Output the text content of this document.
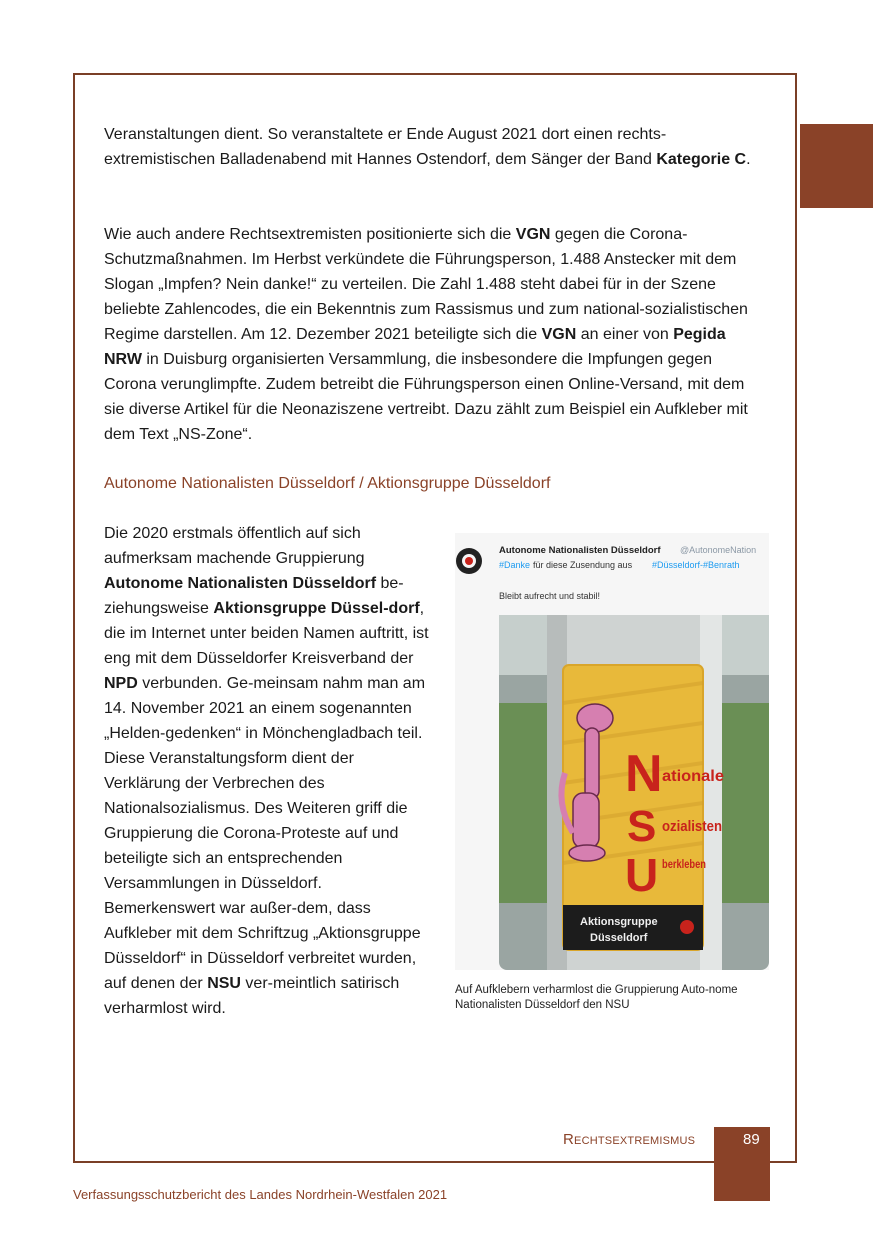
Veranstaltungen dient. So veranstaltete er Ende August 2021 dort einen rechts-extremistischen Balladenabend mit Hannes Ostendorf, dem Sänger der Band Kategorie C.

Wie auch andere Rechtsextremisten positionierte sich die VGN gegen die Corona-Schutzmaßnahmen. Im Herbst verkündete die Führungsperson, 1.488 Anstecker mit dem Slogan „Impfen? Nein danke!“ zu verteilen. Die Zahl 1.488 steht dabei für in der Szene beliebte Zahlencodes, die ein Bekenntnis zum Rassismus und zum national-sozialistischen Regime darstellen. Am 12. Dezember 2021 beteiligte sich die VGN an einer von Pegida NRW in Duisburg organisierten Versammlung, die insbesondere die Impfungen gegen Corona verunglimpfte. Zudem betreibt die Führungsperson einen Online-Versand, mit dem sie diverse Artikel für die Neonaziszene vertreibt. Dazu zählt zum Beispiel ein Aufkleber mit dem Text „NS-Zone“.

Autonome Nationalisten Düsseldorf / Aktionsgruppe Düsseldorf

Die 2020 erstmals öffentlich auf sich aufmerksam machende Gruppierung Autonome Nationalisten Düsseldorf be-ziehungsweise Aktionsgruppe Düssel-dorf, die im Internet unter beiden Namen auftritt, ist eng mit dem Düsseldorfer Kreisverband der NPD verbunden. Ge-meinsam nahm man am 14. November 2021 an einem sogenannten „Helden-gedenken“ in Mönchengladbach teil. Diese Veranstaltungsform dient der Verklärung der Verbrechen des Nationalsozialismus. Des Weiteren griff die Gruppierung die Corona-Proteste auf und beteiligte sich an entsprechenden Versammlungen in Düsseldorf. Bemerkenswert war außer-dem, dass Aufkleber mit dem Schriftzug „Aktionsgruppe Düsseldorf“ in Düsseldorf verbreitet wurden, auf denen der NSU ver-meintlich satirisch verharmlost wird.

Autonome Nationalisten Düsseldorf @AutonomeNation
#Danke für diese Zusendung aus #Düsseldorf-#Benrath
Bleibt aufrecht und stabil!
N
S
U
ationale
ozialisten
berkleben
Aktionsgruppe
Düsseldorf
Auf Aufklebern verharmlost die Gruppierung Auto-nome Nationalisten Düsseldorf den NSU
RECHTSEXTREMISMUS	89
Verfassungsschutzbericht des Landes Nordrhein-Westfalen 2021
